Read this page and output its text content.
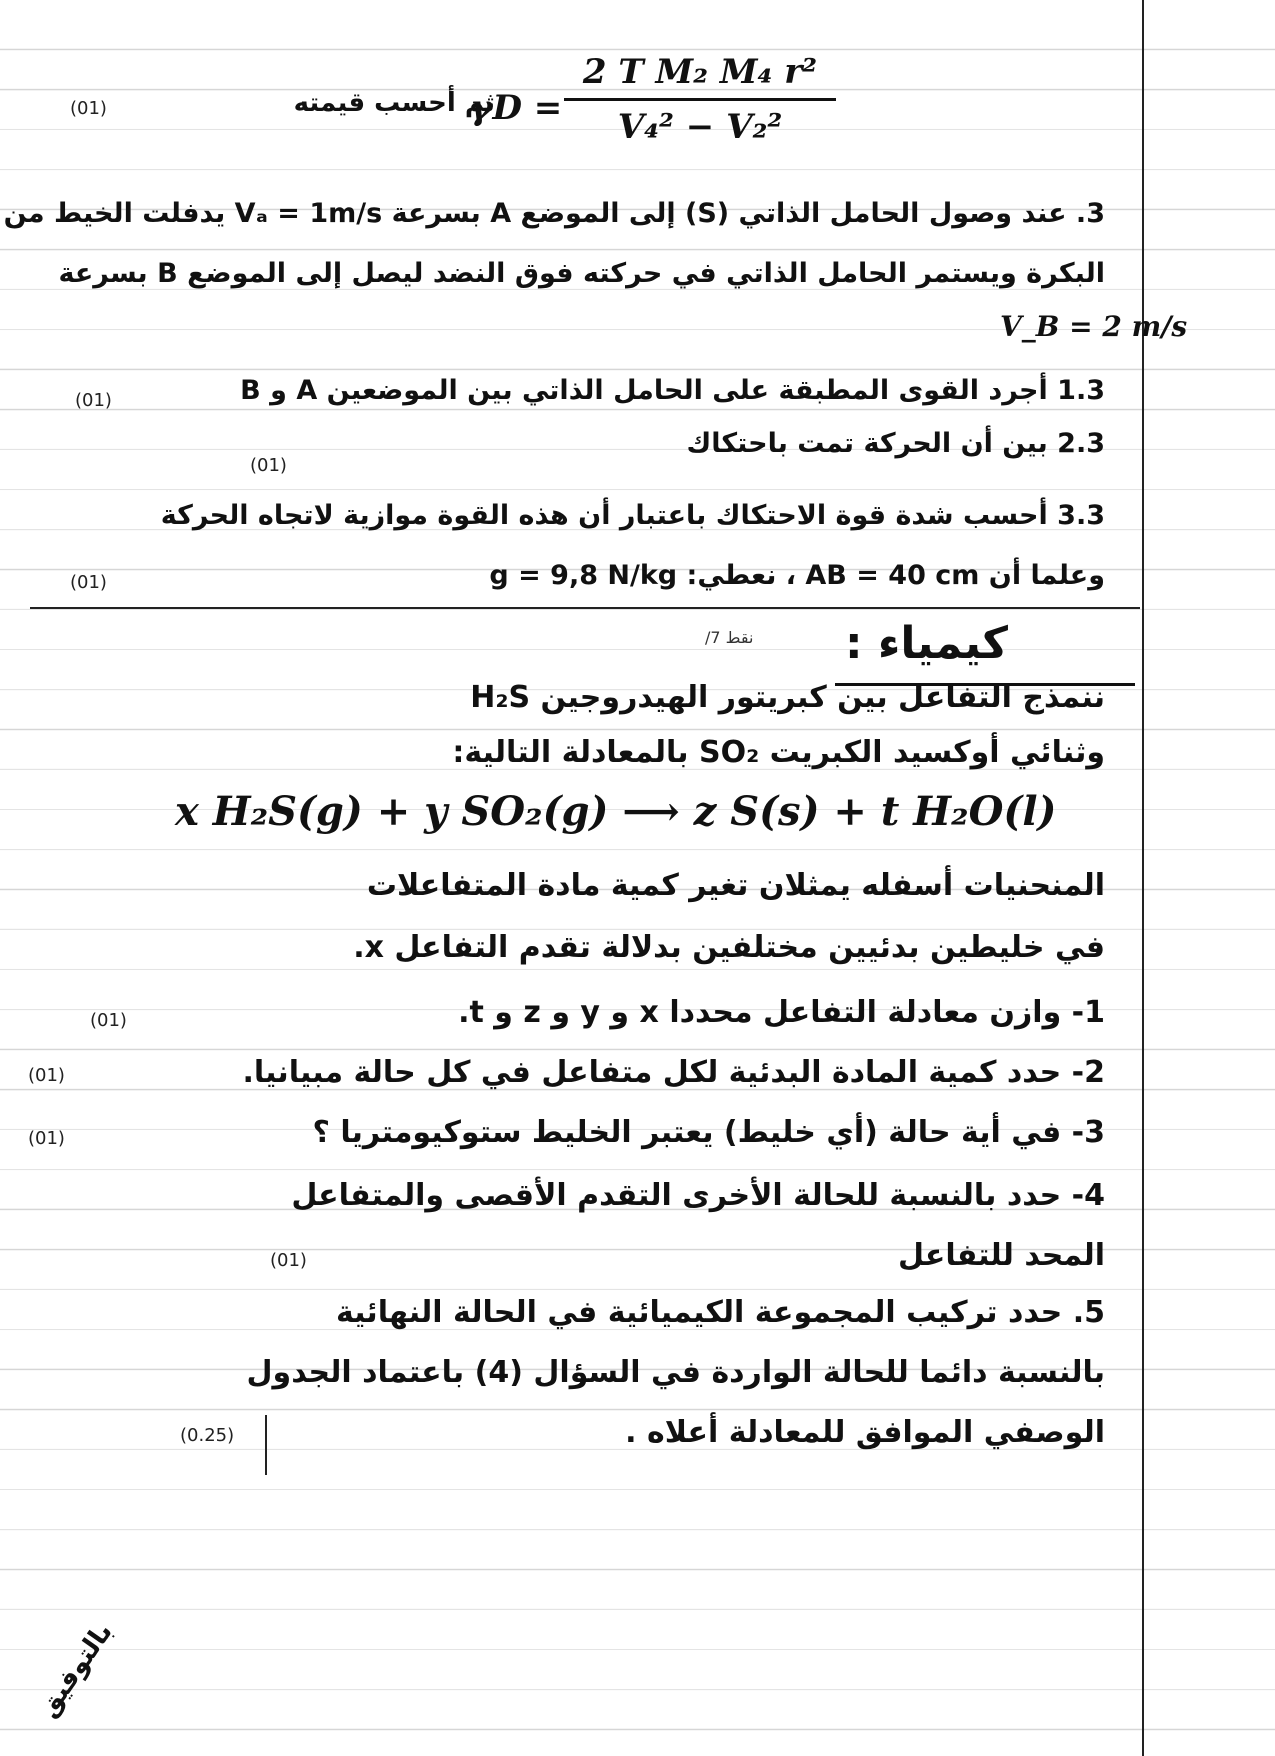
ثم أحسب قيمته
(01)	γD =
2 T M₂ M₄ r²
V₄² − V₂²
3. عند وصول الحامل الذاتي (S) إلى الموضع A بسرعة Vₐ = 1m/s يدفلت الخيط من
البكرة ويستمر الحامل الذاتي في حركته فوق النضد ليصل إلى الموضع B بسرعة
V_B = 2 m/s
1.3 أجرد القوى المطبقة على الحامل الذاتي بين الموضعين A و B
(01)
2.3 بين أن الحركة تمت باحتكاك
(01)
3.3 أحسب شدة قوة الاحتكاك باعتبار أن هذه القوة موازية لاتجاه الحركة
وعلما أن AB = 40 cm ، نعطي: g = 9,8 N/kg
(01)
/7 نقط كيمياء :
ننمذج التفاعل بين كبريتور الهيدروجين H₂S
وثنائي أوكسيد الكبريت SO₂ بالمعادلة التالية:
x H₂S(g) + y SO₂(g) ⟶ z S(s) + t H₂O(l)
المنحنيات أسفله يمثلان تغير كمية مادة المتفاعلات
في خليطين بدئيين مختلفين بدلالة تقدم التفاعل x.
1- وازن معادلة التفاعل محددا x و y و z و t.
(01)
2- حدد كمية المادة البدئية لكل متفاعل في كل حالة مبيانيا.
(01)
3- في أية حالة (أي خليط) يعتبر الخليط ستوكيومتريا ؟
(01)
4- حدد بالنسبة للحالة الأخرى التقدم الأقصى والمتفاعل
المحد للتفاعل
(01)
5. حدد تركيب المجموعة الكيميائية في الحالة النهائية
بالنسبة دائما للحالة الواردة في السؤال (4) باعتماد الجدول
الوصفي الموافق للمعادلة أعلاه .
(0.25)
بالتوفيق
